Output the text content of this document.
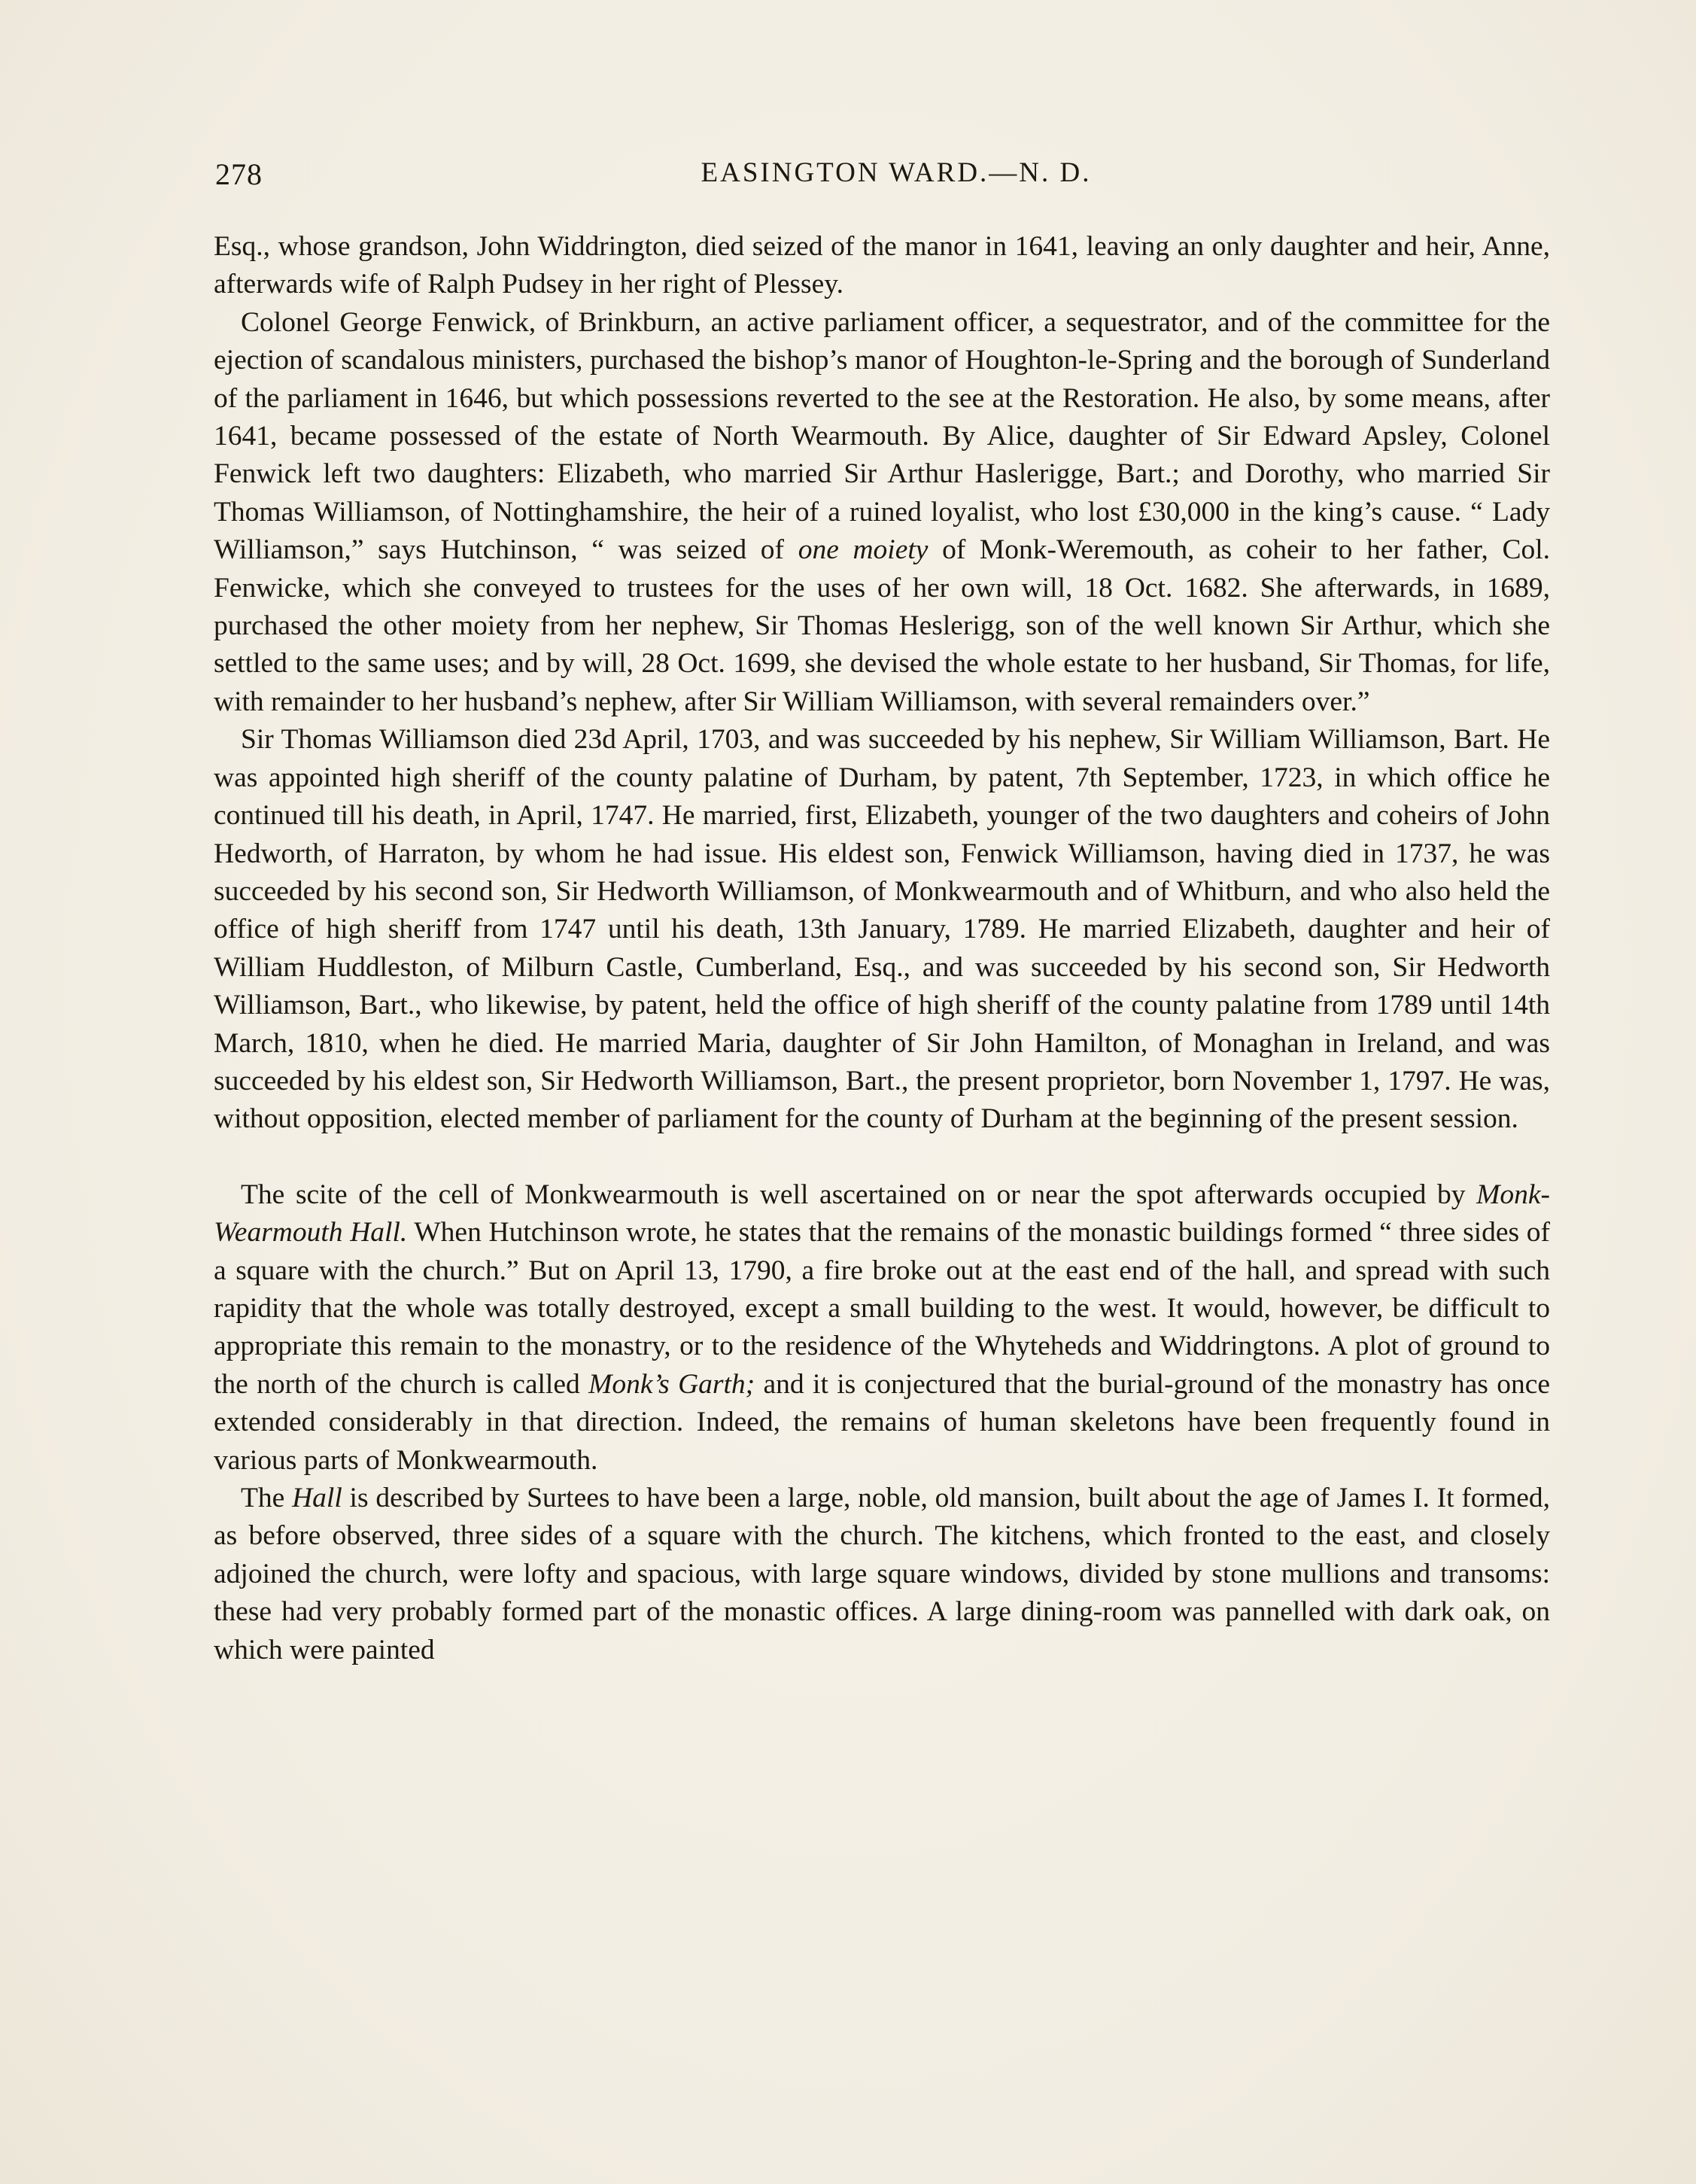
278	EASINGTON WARD.—N. D.

Esq., whose grandson, John Widdrington, died seized of the manor in 1641, leaving an only daughter and heir, Anne, afterwards wife of Ralph Pudsey in her right of Plessey.

Colonel George Fenwick, of Brinkburn, an active parliament officer, a sequestrator, and of the committee for the ejection of scandalous ministers, purchased the bishop’s manor of Houghton-le-Spring and the borough of Sunderland of the parliament in 1646, but which possessions reverted to the see at the Restoration. He also, by some means, after 1641, became possessed of the estate of North Wearmouth. By Alice, daughter of Sir Edward Apsley, Colonel Fenwick left two daughters: Elizabeth, who married Sir Arthur Haslerigge, Bart.; and Dorothy, who married Sir Thomas Williamson, of Nottinghamshire, the heir of a ruined loyalist, who lost £30,000 in the king’s cause. “ Lady Williamson,” says Hutchinson, “ was seized of one moiety of Monk-Weremouth, as coheir to her father, Col. Fenwicke, which she conveyed to trustees for the uses of her own will, 18 Oct. 1682. She afterwards, in 1689, purchased the other moiety from her nephew, Sir Thomas Heslerigg, son of the well known Sir Arthur, which she settled to the same uses; and by will, 28 Oct. 1699, she devised the whole estate to her husband, Sir Thomas, for life, with remainder to her husband’s nephew, after Sir William Williamson, with several remainders over.”

Sir Thomas Williamson died 23d April, 1703, and was succeeded by his nephew, Sir William Williamson, Bart. He was appointed high sheriff of the county palatine of Durham, by patent, 7th September, 1723, in which office he continued till his death, in April, 1747. He married, first, Elizabeth, younger of the two daughters and coheirs of John Hedworth, of Harraton, by whom he had issue. His eldest son, Fenwick Williamson, having died in 1737, he was succeeded by his second son, Sir Hedworth Williamson, of Monkwearmouth and of Whitburn, and who also held the office of high sheriff from 1747 until his death, 13th January, 1789. He married Elizabeth, daughter and heir of William Huddleston, of Milburn Castle, Cumberland, Esq., and was succeeded by his second son, Sir Hedworth Williamson, Bart., who likewise, by patent, held the office of high sheriff of the county palatine from 1789 until 14th March, 1810, when he died. He married Maria, daughter of Sir John Hamilton, of Monaghan in Ireland, and was succeeded by his eldest son, Sir Hedworth Williamson, Bart., the present proprietor, born November 1, 1797. He was, without opposition, elected member of parliament for the county of Durham at the beginning of the present session.

The scite of the cell of Monkwearmouth is well ascertained on or near the spot afterwards occupied by Monk-Wearmouth Hall. When Hutchinson wrote, he states that the remains of the monastic buildings formed “ three sides of a square with the church.” But on April 13, 1790, a fire broke out at the east end of the hall, and spread with such rapidity that the whole was totally destroyed, except a small building to the west. It would, however, be difficult to appropriate this remain to the monastry, or to the residence of the Whyteheds and Widdringtons. A plot of ground to the north of the church is called Monk’s Garth; and it is conjectured that the burial-ground of the monastry has once extended considerably in that direction. Indeed, the remains of human skeletons have been frequently found in various parts of Monkwearmouth.

The Hall is described by Surtees to have been a large, noble, old mansion, built about the age of James I. It formed, as before observed, three sides of a square with the church. The kitchens, which fronted to the east, and closely adjoined the church, were lofty and spacious, with large square windows, divided by stone mullions and transoms: these had very probably formed part of the monastic offices. A large dining-room was pannelled with dark oak, on which were painted
